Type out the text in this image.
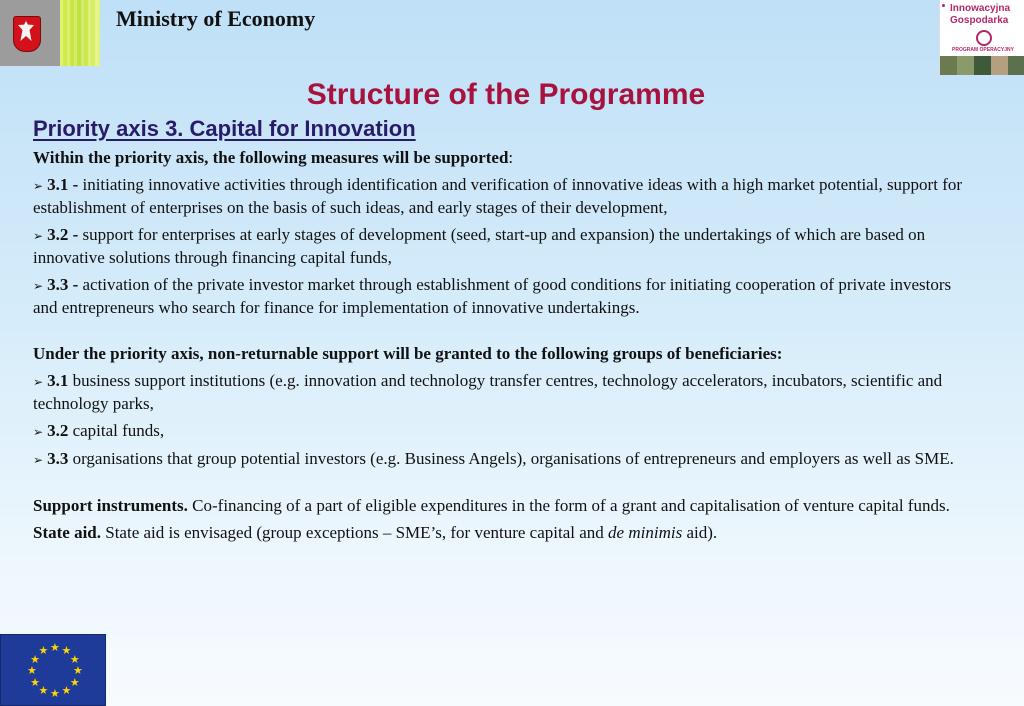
Ministry of Economy	Innowacyjna
Gospodarka
PROGRAM OPERACYJNY
Structure of the Programme
Priority axis 3. Capital for Innovation

Within the priority axis, the following measures will be supported:

➢ 3.1 - initiating innovative activities through identification and verification of innovative ideas with a high market potential, support for establishment of enterprises on the basis of such ideas, and early stages of their development,

➢ 3.2 - support for enterprises at early stages of development (seed, start-up and expansion) the undertakings of which are based on innovative solutions through financing capital funds,

➢ 3.3 - activation of the private investor market through establishment of good conditions for initiating cooperation of private investors and entrepreneurs who search for finance for implementation of innovative undertakings.

Under the priority axis, non-returnable support will be granted to the following groups of beneficiaries:

➢ 3.1 business support institutions (e.g. innovation and technology transfer centres, technology accelerators, incubators, scientific and technology parks,

➢ 3.2 capital funds,

➢ 3.3 organisations that group potential investors (e.g. Business Angels), organisations of entrepreneurs and employers as well as SME.

Support instruments. Co-financing of a part of eligible expenditures in the form of a grant and capitalisation of venture capital funds.

State aid. State aid is envisaged (group exceptions – SME’s, for venture capital and de minimis aid).

★ ★
★
★
★
★
★
★
★
★
★
★
